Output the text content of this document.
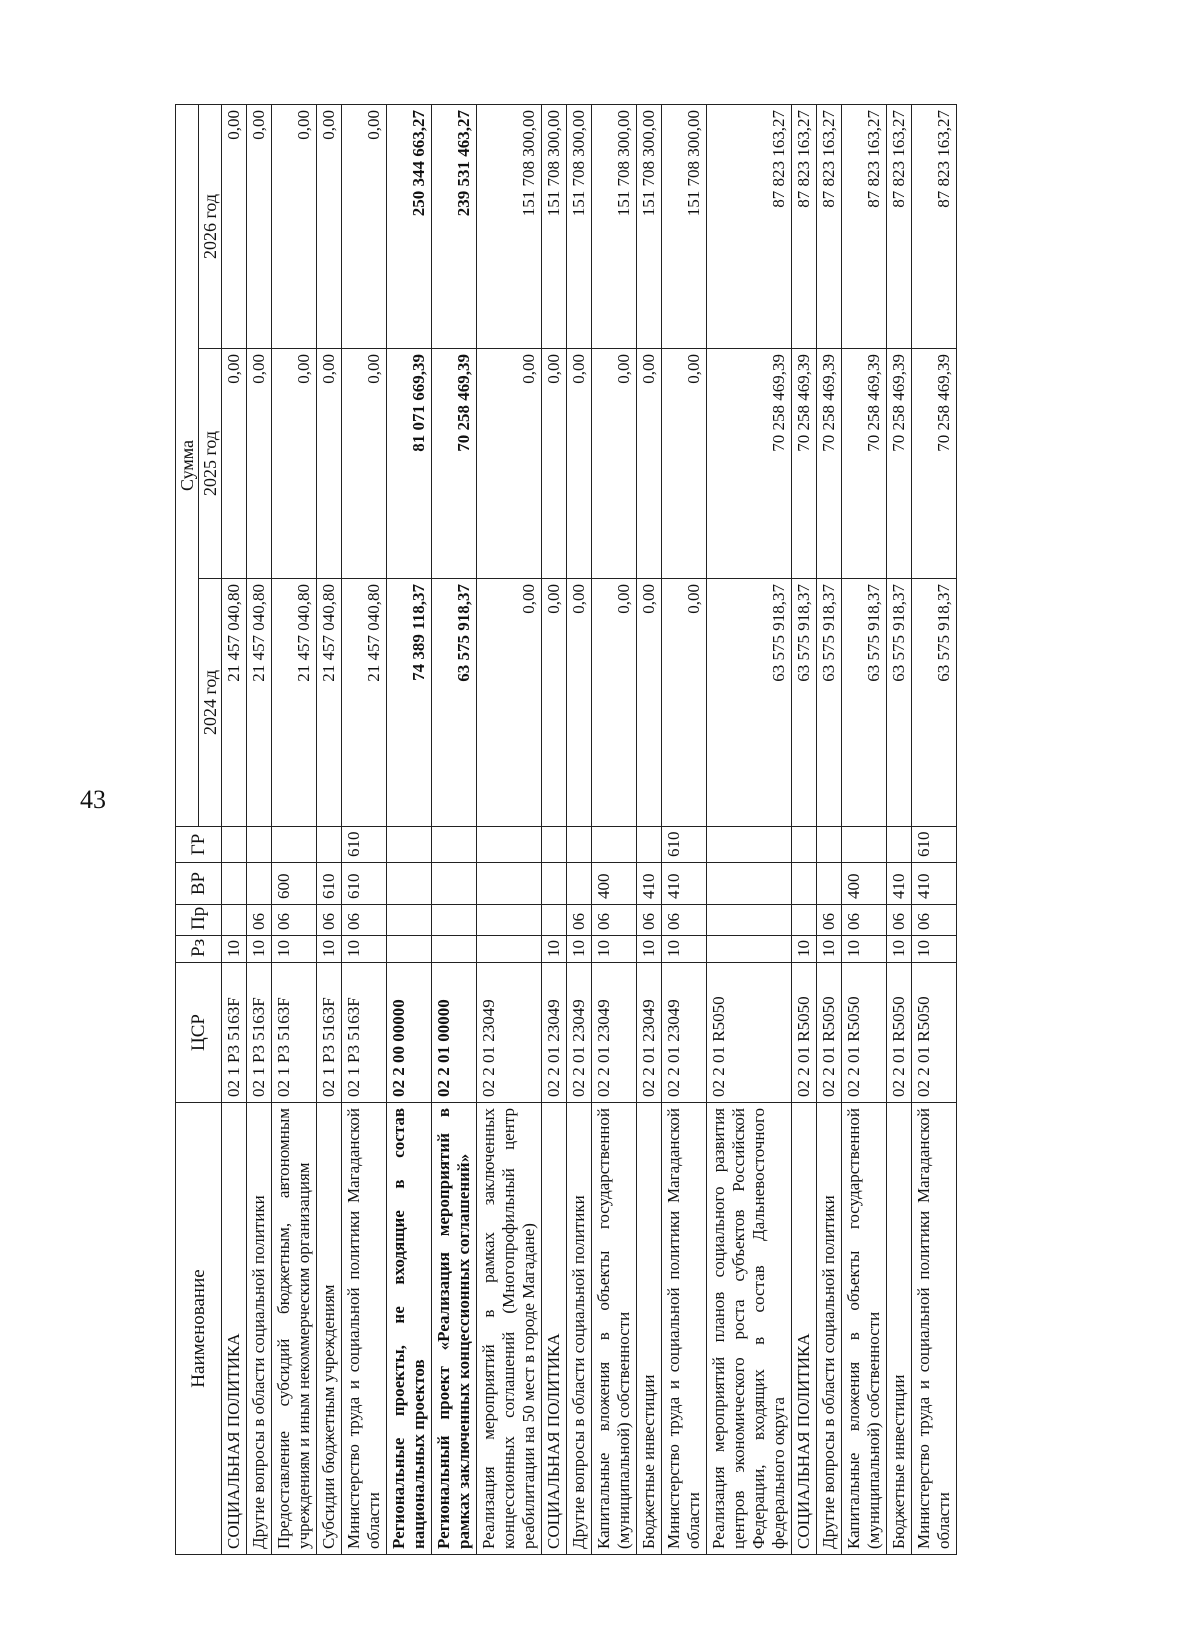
43
Наименование	ЦСР	Рз	Пр	ВР	ГР	Сумма		
						2024 год	2025 год	2026 год
СОЦИАЛЬНАЯ ПОЛИТИКА	02 1 Р3 5163F	10				21 457 040,80	0,00	0,00
Другие вопросы в области социальной политики	02 1 Р3 5163F	10	06			21 457 040,80	0,00	0,00
Предоставление субсидий бюджетным, автономным учреждениям и иным некоммерческим организациям	02 1 Р3 5163F	10	06	600		21 457 040,80	0,00	0,00
Субсидии бюджетным учреждениям	02 1 Р3 5163F	10	06	610		21 457 040,80	0,00	0,00
Министерство труда и социальной политики Магаданской области	02 1 Р3 5163F	10	06	610	610	21 457 040,80	0,00	0,00
Региональные проекты, не входящие в состав национальных проектов	02 2 00 00000					74 389 118,37	81 071 669,39	250 344 663,27
Региональный проект «Реализация мероприятий в рамках заключенных концессионных соглашений»	02 2 01 00000					63 575 918,37	70 258 469,39	239 531 463,27
Реализация мероприятий в рамках заключенных концессионных соглашений (Многопрофильный центр реабилитации на 50 мест в городе Магадане)	02 2 01 23049					0,00	0,00	151 708 300,00
СОЦИАЛЬНАЯ ПОЛИТИКА	02 2 01 23049	10				0,00	0,00	151 708 300,00
Другие вопросы в области социальной политики	02 2 01 23049	10	06			0,00	0,00	151 708 300,00
Капитальные вложения в объекты государственной (муниципальной) собственности	02 2 01 23049	10	06	400		0,00	0,00	151 708 300,00
Бюджетные инвестиции	02 2 01 23049	10	06	410		0,00	0,00	151 708 300,00
Министерство труда и социальной политики Магаданской области	02 2 01 23049	10	06	410	610	0,00	0,00	151 708 300,00
Реализация мероприятий планов социального развития центров экономического роста субъектов Российской Федерации, входящих в состав Дальневосточного федерального округа	02 2 01 R5050					63 575 918,37	70 258 469,39	87 823 163,27
СОЦИАЛЬНАЯ ПОЛИТИКА	02 2 01 R5050	10				63 575 918,37	70 258 469,39	87 823 163,27
Другие вопросы в области социальной политики	02 2 01 R5050	10	06			63 575 918,37	70 258 469,39	87 823 163,27
Капитальные вложения в объекты государственной (муниципальной) собственности	02 2 01 R5050	10	06	400		63 575 918,37	70 258 469,39	87 823 163,27
Бюджетные инвестиции	02 2 01 R5050	10	06	410		63 575 918,37	70 258 469,39	87 823 163,27
Министерство труда и социальной политики Магаданской области	02 2 01 R5050	10	06	410	610	63 575 918,37	70 258 469,39	87 823 163,27
